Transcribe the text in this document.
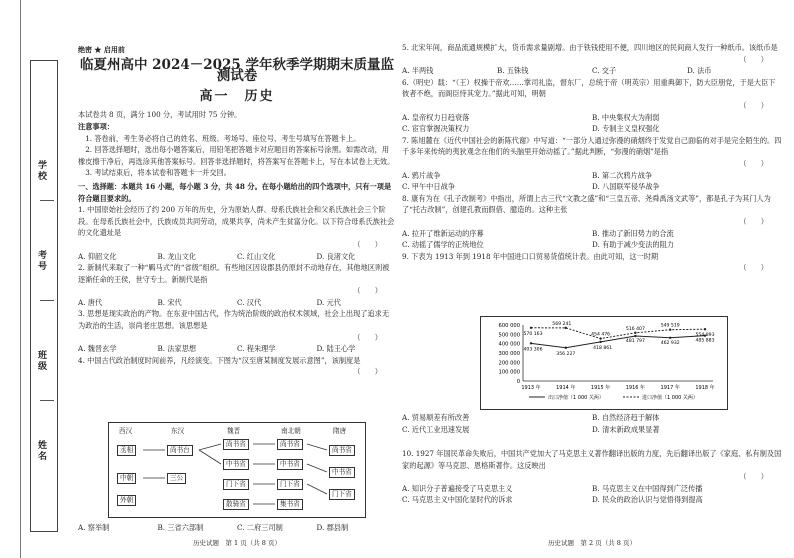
学校
考号
班级
姓名
绝密 ★ 启用前
临夏州高中 2024－2025 学年秋季学期期末质量监测试卷
高一　历史

本试卷共 8 页，满分 100 分，考试用时 75 分钟。

注意事项：

1. 答卷前，考生务必将自己的姓名、班级、考场号、座位号、考生号填写在答题卡上。

2. 回答选择题时，选出每小题答案后，用铅笔把答题卡对应题目的答案标号涂黑。如需改动，用橡皮擦干净后，再选涂其他答案标号。回答非选择题时，将答案写在答题卡上，写在本试卷上无效。

3. 考试结束后，将本试卷和答题卡一并交回。

一、选择题：本题共 16 小题，每小题 3 分，共 48 分。在每小题给出的四个选项中，只有一项是符合题目要求的。

1. 中国原始社会经历了约 200 万年的历史，分为原始人群、母系氏族社会和父系氏族社会三个阶段。在母系氏族社会中，氏族成员共同劳动，成果共享，尚未产生贫富分化。以下符合母系氏族社会的文化遗址是

（　　）
A. 仰韶文化	B. 龙山文化	C. 红山文化	D. 良渚文化

2. 新制代来取了一种“羁马式”的“省级”组织。有些地区因设郡县仍原封不动地存在，其他地区则被逐渐任命的王侯，世守专土。新制代是指

（　　）
A. 唐代	B. 宋代	C. 汉代	D. 元代

3. 思想是现实政治的产物。在东亚中国古代，作为统治阶级的政治权术领域，社会上出现了追求无为政治的生活，崇尚老庄思想。该思想是

（　　）
A. 魏晋玄学	B. 法家思想	C. 程朱理学	D. 陆王心学

4. 中国古代政治制度时间前养，凡经演变。下图为“汉至唐某制度发展示意图”，该制度是

（　　）
A. 察举制	B. 三省六部制	C. 二府三司制	D. 郡县制
历史试题　第 1 页（共 8 页）
西汉	东汉	魏晋	南北朝	隋唐
丞相
中朝
外朝
尚书台
三公
尚书省
中书省
门下省
散骑省
尚书省
中书省
门下省
集书省
尚书省
中书省
门下省

5. 北宋年间，商品流通规模扩大，货币需求量剧增。由于铁钱使用不便，四川地区的民间商人发行一种纸币。该纸币是

（　　）
A. 半两钱	B. 五铢钱	C. 交子	D. 法币

6.（明史）载：“（王）权操于帝欢……掌司礼监，督东厂，总统于帝（明英宗）用重典御下，防大臣朋党，于是大臣下彼者不绝，而阁臣恃其宠力。”据此可知，明朝

（　　）
A. 皇帝权力日趋衰落	B. 中央集权大为削弱
C. 宦官掌握决策权力	D. 专制主义皇权强化

7. 陈旭麓在《近代中国社会的新陈代谢》中写道：“一部分人通过弥漫的硝烟终于发觉自己面临的对手是完全陌生的。四千多年来传统的夷狄观念在他们的头脑里开始动摇了。”据此判断，“弥漫的硝烟”是指

（　　）
A. 鸦片战争	B. 第二次鸦片战争
C. 甲午中日战争	D. 八国联军侵华战争

8. 康有为在《孔子改制考》中指出，所谓上古三代“文教之盛”和“三皇五帝、尧舜禹汤文武等”，都是孔子为其门人为了“托古改制”，创建孔教而假借、臆造的。这种主张

（　　）
A. 拉开了维新运动的序幕	B. 推动了新旧势力的合流
C. 动摇了儒学的正统地位	D. 有助于减少变法的阻力

9. 下表为 1913 年到 1918 年中国进口口贸易货值统计表。由此可知，这一时期

（　　）
A. 贸易顺差有所改善	B. 自然经济趋于解体
C. 近代工业迅速发展	D. 清末新政成果显著

10. 1927 年国民革命失败后，中国共产党加大了马克思主义著作翻译出版的力度，先后翻译出版了《家庭、私有制及国家的起源》等马克思、恩格斯著作。这反映出

（　　）
A. 知识分子普遍接受了马克思主义	B. 马克思主义在中国得到广泛传播
C. 马克思主义中国化显时代的诉求	D. 民众的政治认识与觉悟得到提高
历史试题　第 2 页（共 8 页）
600 000
500 000
400 000
300 000
200 000
100 000
0
1913 年	1914 年	1915 年	1916 年	1917 年	1918 年
569 241
570 163	454 476
516 407
549 519
554 893
403 306
356 227
418 861
481 797	462 932	485 883
出口净值（1 000 关两）	进口净值（1 000 关两）
